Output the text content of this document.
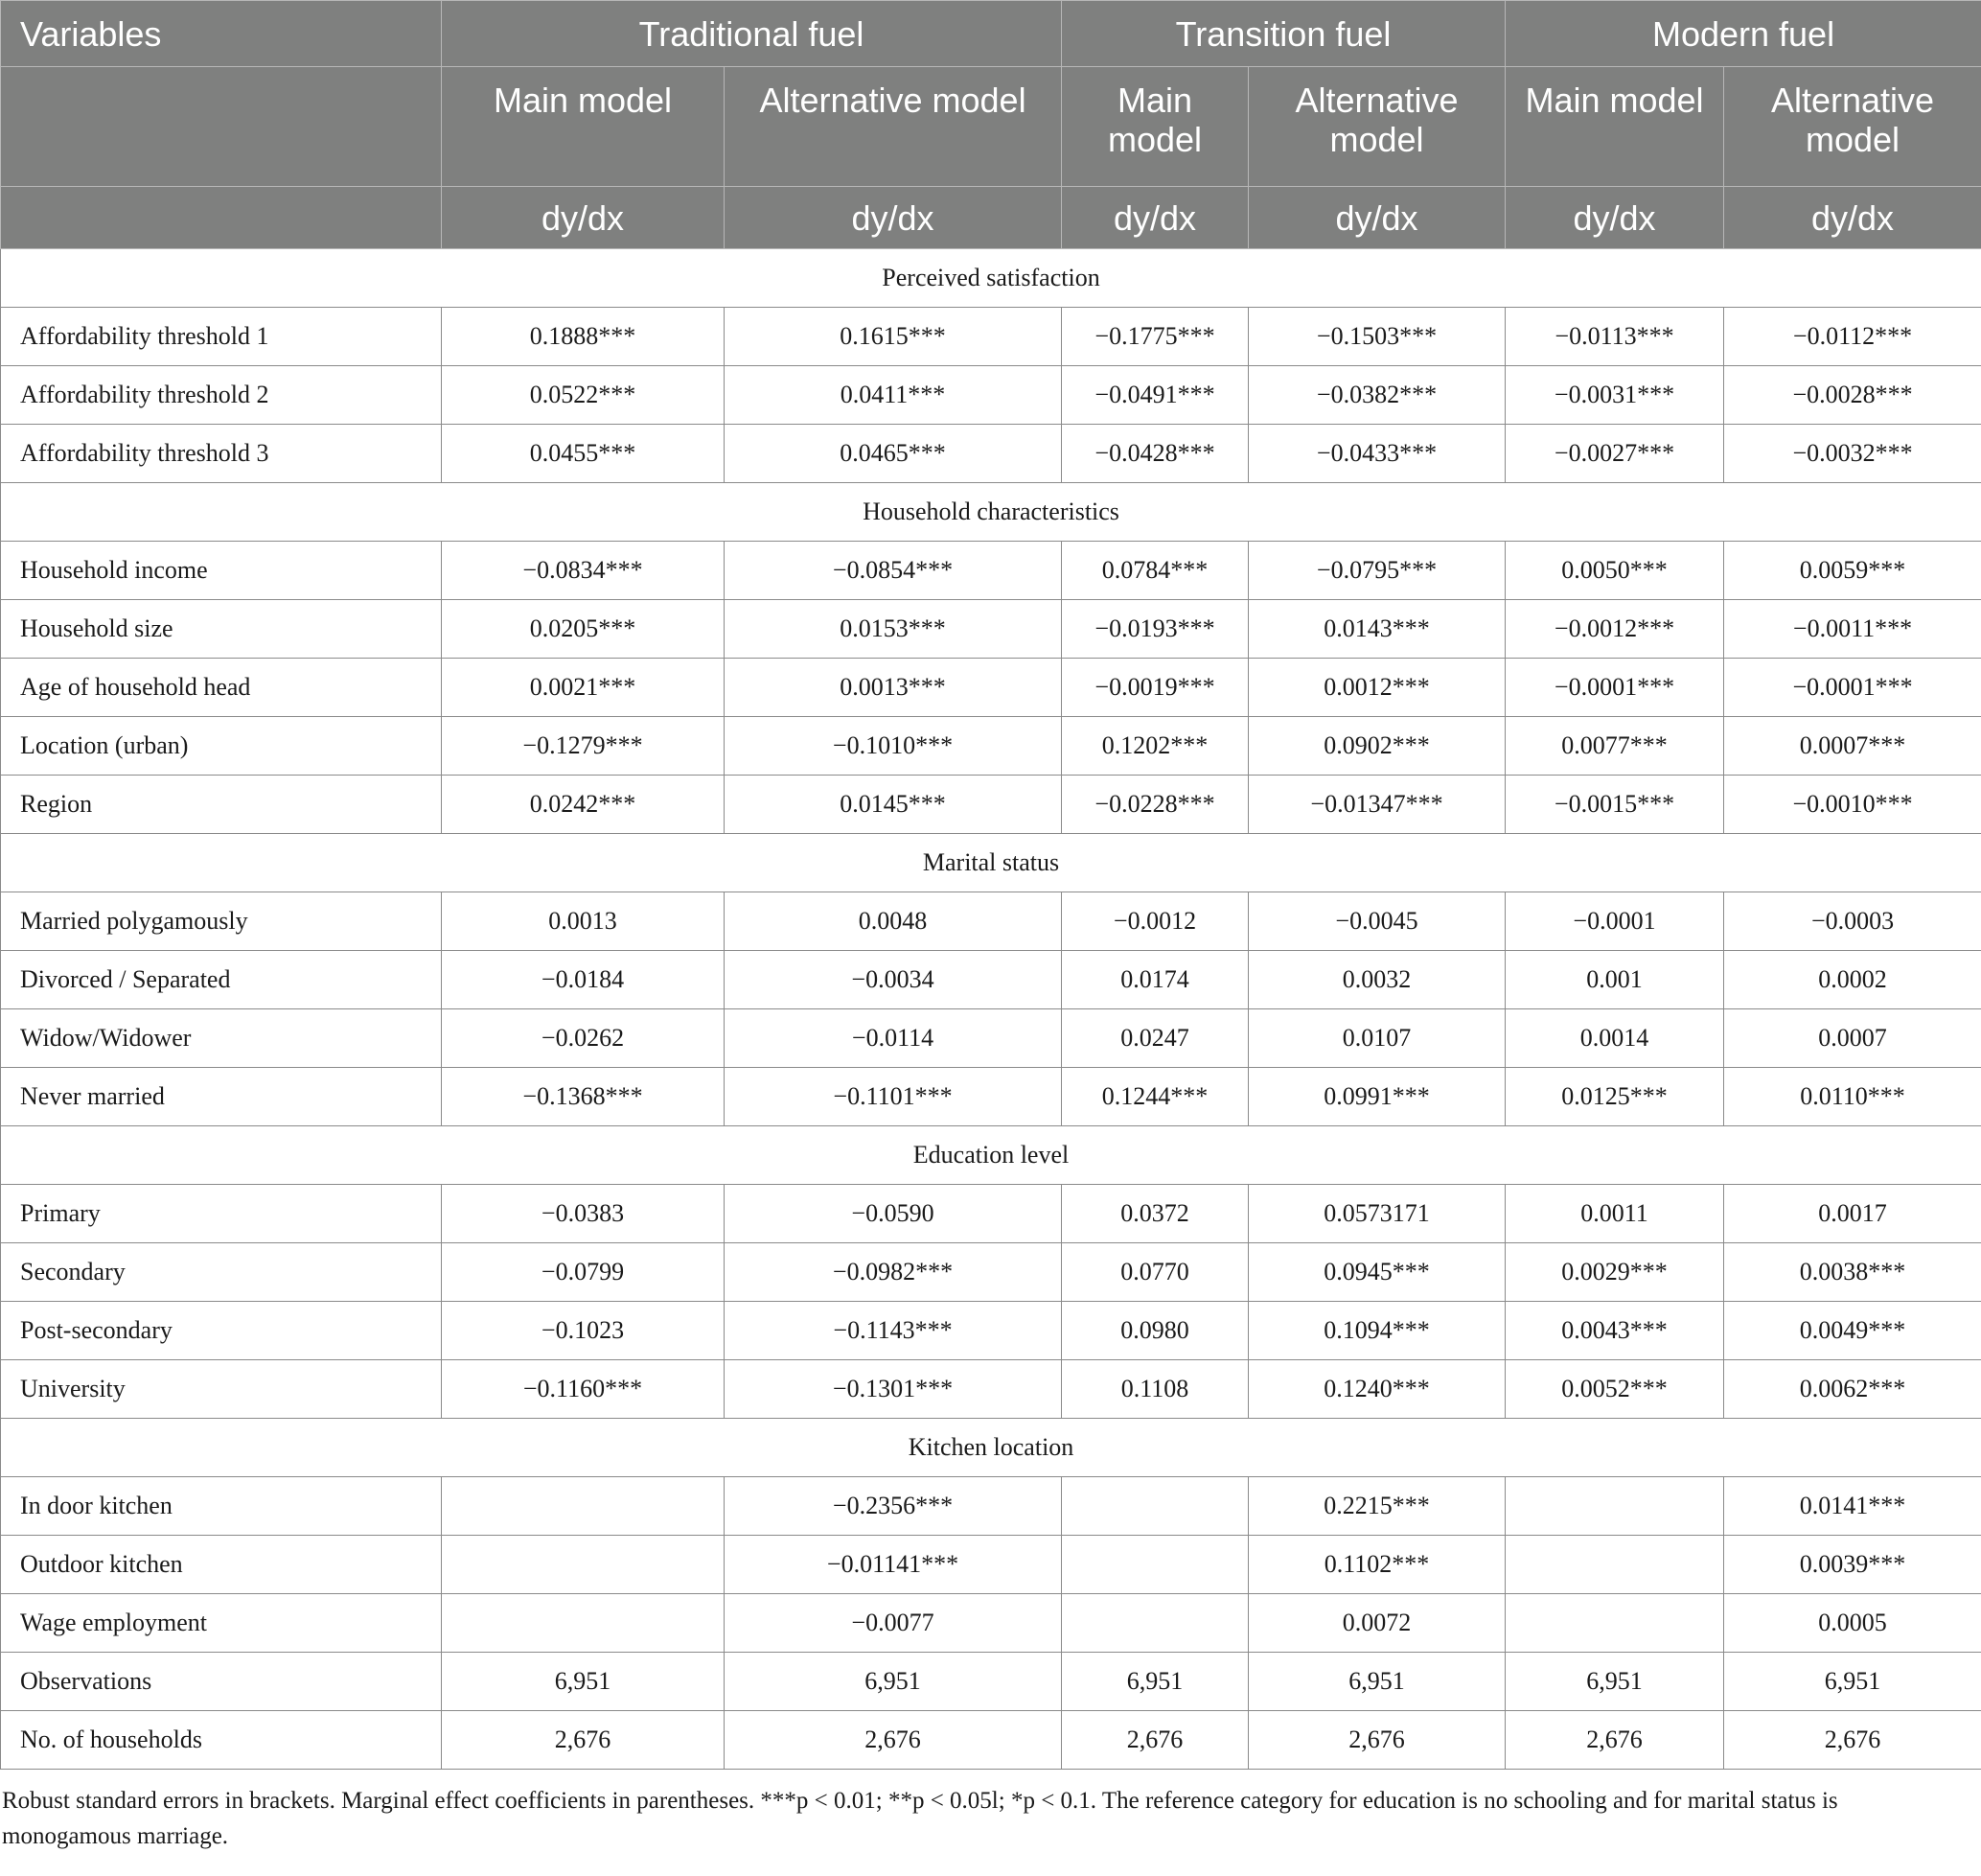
Variables	Traditional fuel		Transition fuel		Modern fuel	
	Main model	Alternative model	Main model	Alternative model	Main model	Alternative model
	dy/dx	dy/dx	dy/dx	dy/dx	dy/dx	dy/dx
Perceived satisfaction						
Affordability threshold 1	0.1888***	0.1615***	−0.1775***	−0.1503***	−0.0113***	−0.0112***
Affordability threshold 2	0.0522***	0.0411***	−0.0491***	−0.0382***	−0.0031***	−0.0028***
Affordability threshold 3	0.0455***	0.0465***	−0.0428***	−0.0433***	−0.0027***	−0.0032***
Household characteristics						
Household income	−0.0834***	−0.0854***	0.0784***	−0.0795***	0.0050***	0.0059***
Household size	0.0205***	0.0153***	−0.0193***	0.0143***	−0.0012***	−0.0011***
Age of household head	0.0021***	0.0013***	−0.0019***	0.0012***	−0.0001***	−0.0001***
Location (urban)	−0.1279***	−0.1010***	0.1202***	0.0902***	0.0077***	0.0007***
Region	0.0242***	0.0145***	−0.0228***	−0.01347***	−0.0015***	−0.0010***
Marital status						
Married polygamously	0.0013	0.0048	−0.0012	−0.0045	−0.0001	−0.0003
Divorced / Separated	−0.0184	−0.0034	0.0174	0.0032	0.001	0.0002
Widow/Widower	−0.0262	−0.0114	0.0247	0.0107	0.0014	0.0007
Never married	−0.1368***	−0.1101***	0.1244***	0.0991***	0.0125***	0.0110***
Education level						
Primary	−0.0383	−0.0590	0.0372	0.0573171	0.0011	0.0017
Secondary	−0.0799	−0.0982***	0.0770	0.0945***	0.0029***	0.0038***
Post-secondary	−0.1023	−0.1143***	0.0980	0.1094***	0.0043***	0.0049***
University	−0.1160***	−0.1301***	0.1108	0.1240***	0.0052***	0.0062***
Kitchen location						
In door kitchen		−0.2356***		0.2215***		0.0141***
Outdoor kitchen		−0.01141***		0.1102***		0.0039***
Wage employment		−0.0077		0.0072		0.0005
Observations	6,951	6,951	6,951	6,951	6,951	6,951
No. of households	2,676	2,676	2,676	2,676	2,676	2,676
Robust standard errors in brackets. Marginal effect coefficients in parentheses. ***p < 0.01; **p < 0.05l; *p < 0.1. The reference category for education is no schooling and for marital status is monogamous marriage.
